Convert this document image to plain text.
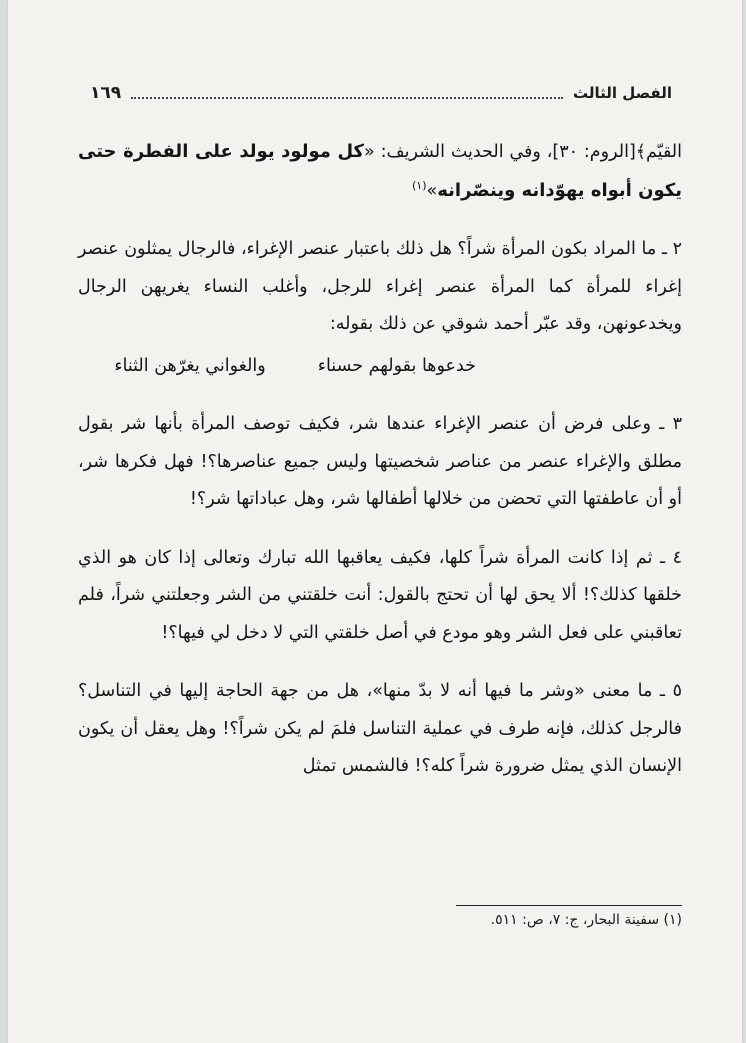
الفصل الثالث
١٦٩

القيّم﴾[الروم: ٣٠]، وفي الحديث الشريف: «كل مولود يولد على الفطرة حتى يكون أبواه يهوّدانه وينصّرانه»$^{(١)}$

٢ ـ ما المراد بكون المرأة شراً؟ هل ذلك باعتبار عنصر الإغراء، فالرجال يمثلون عنصر إغراء للمرأة كما المرأة عنصر إغراء للرجل، وأغلب النساء يغريهن الرجال ويخدعونهن، وقد عبّر أحمد شوقي عن ذلك بقوله:

خدعوها بقولهم حسناء
والغواني يغرّهن الثناء

٣ ـ وعلى فرض أن عنصر الإغراء عندها شر، فكيف توصف المرأة بأنها شر بقول مطلق والإغراء عنصر من عناصر شخصيتها وليس جميع عناصرها؟! فهل فكرها شر، أو أن عاطفتها التي تحضن من خلالها أطفالها شر، وهل عباداتها شر؟!

٤ ـ ثم إذا كانت المرأة شراً كلها، فكيف يعاقبها الله تبارك وتعالى إذا كان هو الذي خلقها كذلك؟! ألا يحق لها أن تحتج بالقول: أنت خلقتني من الشر وجعلتني شراً، فلم تعاقبني على فعل الشر وهو مودع في أصل خلقتي التي لا دخل لي فيها؟!

٥ ـ ما معنى «وشر ما فيها أنه لا بدّ منها»، هل من جهة الحاجة إليها في التناسل؟ فالرجل كذلك، فإنه طرف في عملية التناسل فلمَ لم يكن شراً؟! وهل يعقل أن يكون الإنسان الذي يمثل ضرورة شراً كله؟! فالشمس تمثل

(١) سفينة البحار، ج: ٧، ص: ٥١١.
